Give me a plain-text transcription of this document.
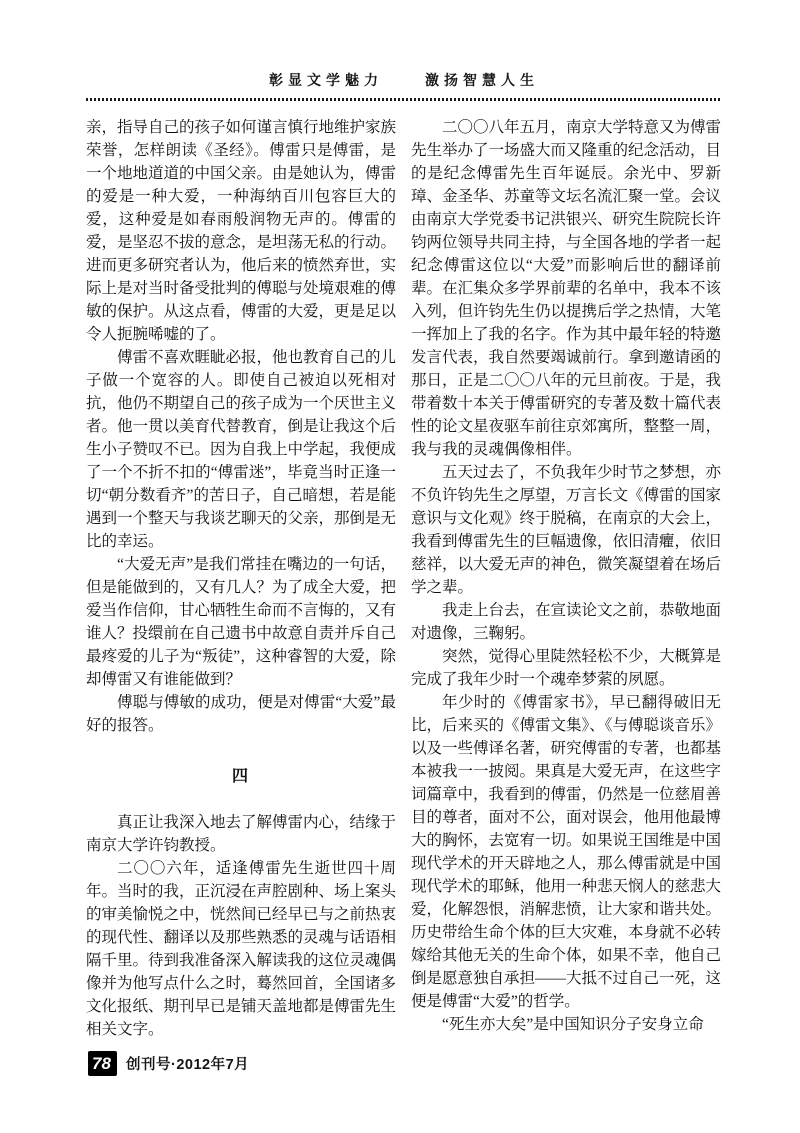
彰显文学魅力	激扬智慧人生

亲，指导自己的孩子如何谨言慎行地维护家族荣誉，怎样朗读《圣经》。傅雷只是傅雷，是一个地地道道的中国父亲。由是她认为，傅雷的爱是一种大爱，一种海纳百川包容巨大的爱，这种爱是如春雨般润物无声的。傅雷的爱，是坚忍不拔的意念，是坦荡无私的行动。进而更多研究者认为，他后来的愤然弃世，实际上是对当时备受批判的傅聪与处境艰难的傅敏的保护。从这点看，傅雷的大爱，更是足以令人扼腕唏嘘的了。

傅雷不喜欢睚眦必报，他也教育自己的儿子做一个宽容的人。即使自己被迫以死相对抗，他仍不期望自己的孩子成为一个厌世主义者。他一贯以美育代替教育，倒是让我这个后生小子赞叹不已。因为自我上中学起，我便成了一个不折不扣的“傅雷迷”，毕竟当时正逢一切“朝分数看齐”的苦日子，自己暗想，若是能遇到一个整天与我谈艺聊天的父亲，那倒是无比的幸运。

“大爱无声”是我们常挂在嘴边的一句话，但是能做到的，又有几人？为了成全大爱，把爱当作信仰，甘心牺牲生命而不言悔的，又有谁人？投缳前在自己遗书中故意自责并斥自己最疼爱的儿子为“叛徒”，这种睿智的大爱，除却傅雷又有谁能做到？

傅聪与傅敏的成功，便是对傅雷“大爱”最好的报答。

四

真正让我深入地去了解傅雷内心，结缘于南京大学许钧教授。

二〇〇六年，适逢傅雷先生逝世四十周年。当时的我，正沉浸在声腔剧种、场上案头的审美愉悦之中，恍然间已经早已与之前热衷的现代性、翻译以及那些熟悉的灵魂与话语相隔千里。待到我准备深入解读我的这位灵魂偶像并为他写点什么之时，蓦然回首，全国诸多文化报纸、期刊早已是铺天盖地都是傅雷先生相关文字。

二〇〇八年五月，南京大学特意又为傅雷先生举办了一场盛大而又隆重的纪念活动，目的是纪念傅雷先生百年诞辰。余光中、罗新璋、金圣华、苏童等文坛名流汇聚一堂。会议由南京大学党委书记洪银兴、研究生院院长许钧两位领导共同主持，与全国各地的学者一起纪念傅雷这位以“大爱”而影响后世的翻译前辈。在汇集众多学界前辈的名单中，我本不该入列，但许钧先生仍以提携后学之热情，大笔一挥加上了我的名字。作为其中最年轻的特邀发言代表，我自然要竭诚前行。拿到邀请函的那日，正是二〇〇八年的元旦前夜。于是，我带着数十本关于傅雷研究的专著及数十篇代表性的论文星夜驱车前往京郊寓所，整整一周，我与我的灵魂偶像相伴。

五天过去了，不负我年少时节之梦想，亦不负许钧先生之厚望，万言长文《傅雷的国家意识与文化观》终于脱稿，在南京的大会上，我看到傅雷先生的巨幅遗像，依旧清癯，依旧慈祥，以大爱无声的神色，微笑凝望着在场后学之辈。

我走上台去，在宣读论文之前，恭敬地面对遗像，三鞠躬。

突然，觉得心里陡然轻松不少，大概算是完成了我年少时一个魂牵梦萦的夙愿。

年少时的《傅雷家书》，早已翻得破旧无比，后来买的《傅雷文集》、《与傅聪谈音乐》以及一些傅译名著，研究傅雷的专著，也都基本被我一一披阅。果真是大爱无声，在这些字词篇章中，我看到的傅雷，仍然是一位慈眉善目的尊者，面对不公，面对误会，他用他最博大的胸怀，去宽宥一切。如果说王国维是中国现代学术的开天辟地之人，那么傅雷就是中国现代学术的耶稣，他用一种悲天悯人的慈悲大爱，化解怨恨，消解悲愤，让大家和谐共处。历史带给生命个体的巨大灾难，本身就不必转嫁给其他无关的生命个体，如果不幸，他自己倒是愿意独自承担——大抵不过自己一死，这便是傅雷“大爱”的哲学。

“死生亦大矣”是中国知识分子安身立命

78	创刊号·2012年7月
